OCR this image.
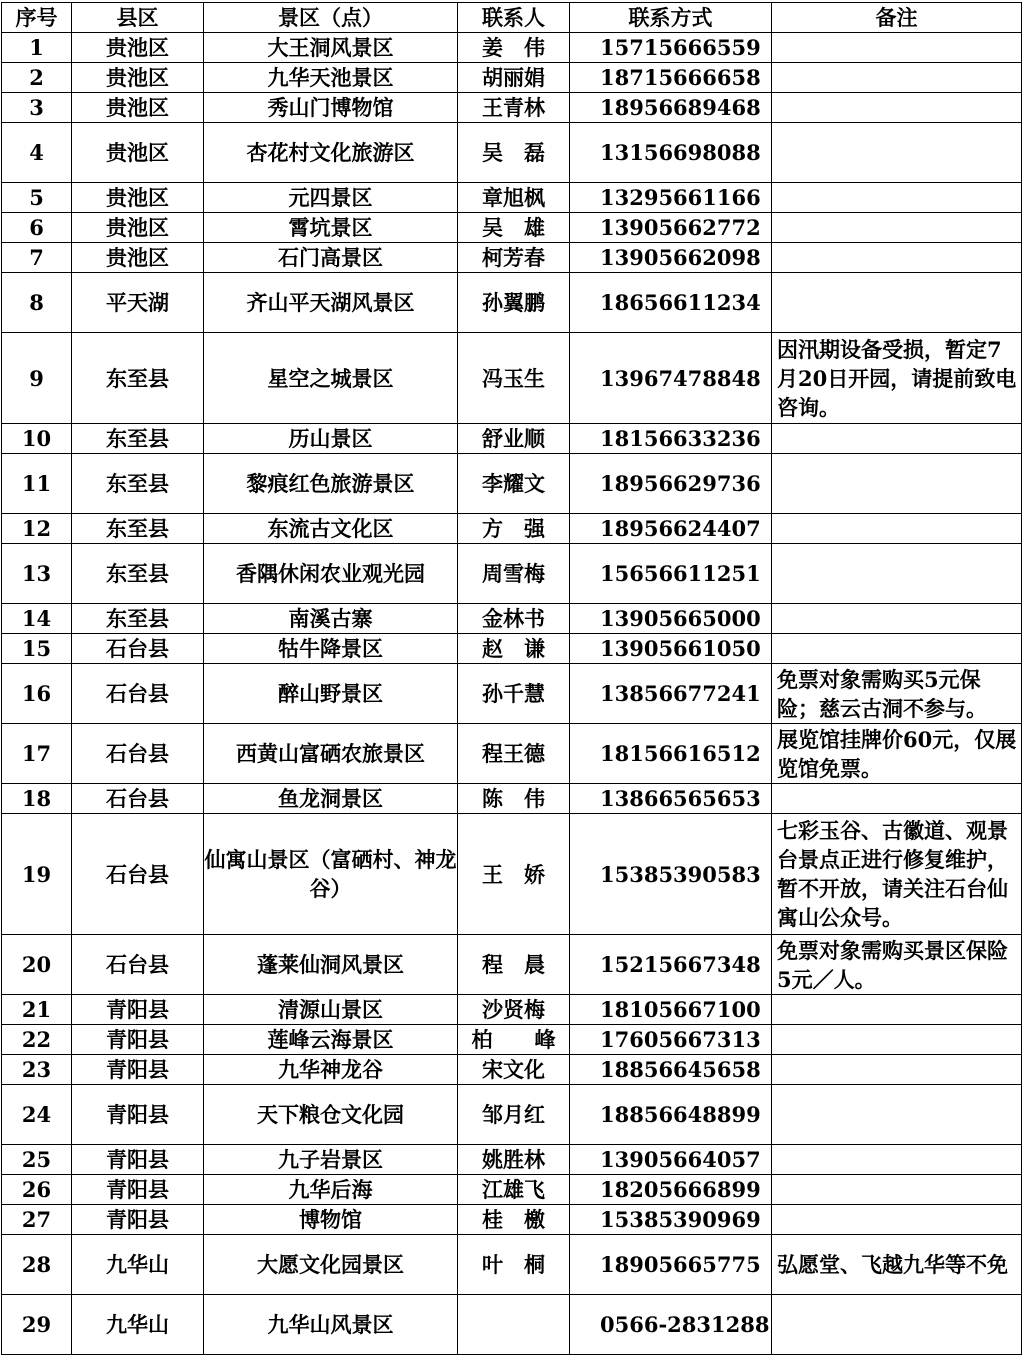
序号	县区	景区（点）	联系人	联系方式	备注
1	贵池区	大王洞风景区	姜　伟	15715666559	
2	贵池区	九华天池景区	胡丽娟	18715666658	
3	贵池区	秀山门博物馆	王青林	18956689468	
4	贵池区	杏花村文化旅游区	吴　磊	13156698088	
5	贵池区	元四景区	章旭枫	13295661166	
6	贵池区	霄坑景区	吴　雄	13905662772	
7	贵池区	石门高景区	柯芳春	13905662098	
8	平天湖	齐山平天湖风景区	孙翼鹏	18656611234	
9	东至县	星空之城景区	冯玉生	13967478848	因汛期设备受损，暂定7月20日开园，请提前致电咨询。
10	东至县	历山景区	舒业顺	18156633236	
11	东至县	黎痕红色旅游景区	李耀文	18956629736	
12	东至县	东流古文化区	方　强	18956624407	
13	东至县	香隅休闲农业观光园	周雪梅	15656611251	
14	东至县	南溪古寨	金林书	13905665000	
15	石台县	牯牛降景区	赵　谦	13905661050	
16	石台县	醉山野景区	孙千慧	13856677241	免票对象需购买5元保险；慈云古洞不参与。
17	石台县	西黄山富硒农旅景区	程王德	18156616512	展览馆挂牌价60元，仅展览馆免票。
18	石台县	鱼龙洞景区	陈　伟	13866565653	
19	石台县	仙寓山景区（富硒村、神龙谷）	王　娇	15385390583	七彩玉谷、古徽道、观景台景点正进行修复维护，暂不开放，请关注石台仙寓山公众号。
20	石台县	蓬莱仙洞风景区	程　晨	15215667348	免票对象需购买景区保险5元／人。
21	青阳县	清源山景区	沙贤梅	18105667100	
22	青阳县	莲峰云海景区	柏　　峰	17605667313	
23	青阳县	九华神龙谷	宋文化	18856645658	
24	青阳县	天下粮仓文化园	邹月红	18856648899	
25	青阳县	九子岩景区	姚胜林	13905664057	
26	青阳县	九华后海	江雄飞	18205666899	
27	青阳县	博物馆	桂　檄	15385390969	
28	九华山	大愿文化园景区	叶　桐	18905665775	弘愿堂、飞越九华等不免
29	九华山	九华山风景区		0566-2831288	
